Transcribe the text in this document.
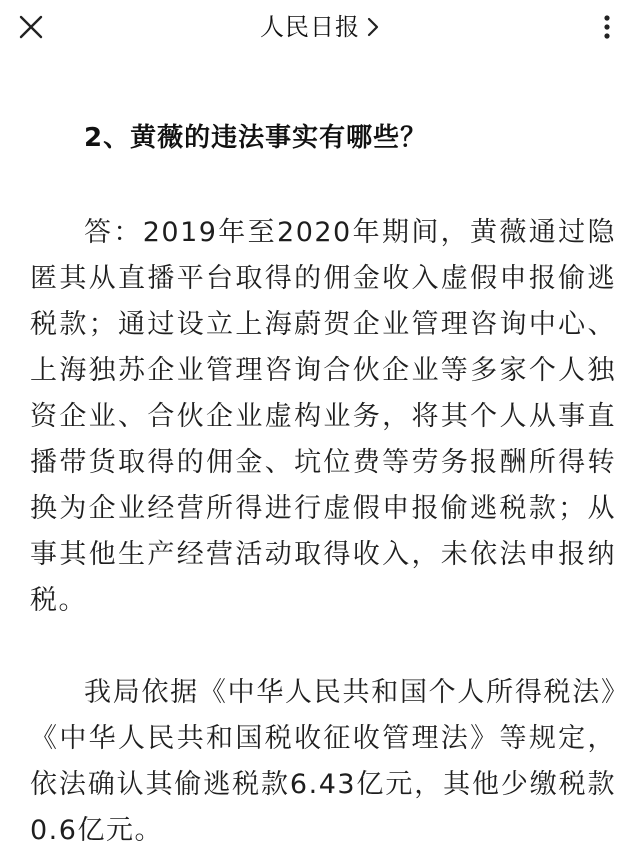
人民日报
2、黄薇的违法事实有哪些？

答：2019年至2020年期间，黄薇通过隐匿其从直播平台取得的佣金收入虚假申报偷逃税款；通过设立上海蔚贺企业管理咨询中心、上海独苏企业管理咨询合伙企业等多家个人独资企业、合伙企业虚构业务，将其个人从事直播带货取得的佣金、坑位费等劳务报酬所得转换为企业经营所得进行虚假申报偷逃税款；从事其他生产经营活动取得收入，未依法申报纳税。

我局依据《中华人民共和国个人所得税法》《中华人民共和国税收征收管理法》等规定，依法确认其偷逃税款6.43亿元，其他少缴税款0.6亿元。
